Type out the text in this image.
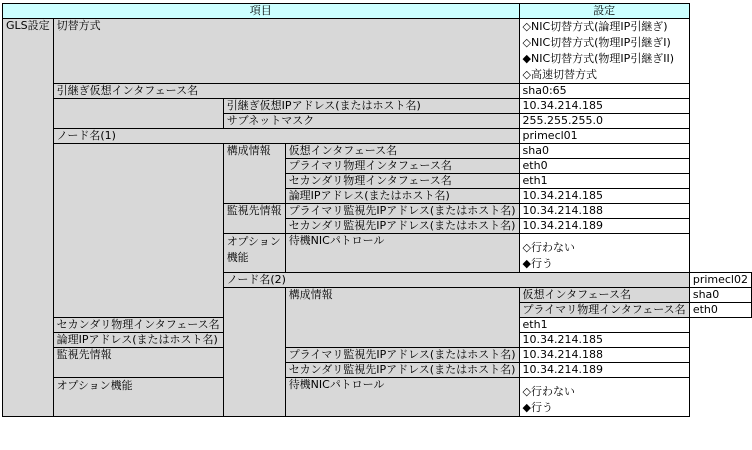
項目				設定	
GLS設定	切替方式			◇NIC切替方式(論理IP引継ぎ)
◇NIC切替方式(物理IP引継ぎI)
◆NIC切替方式(物理IP引継ぎII)
◇高速切替方式	

	引継ぎ仮想インタフェース名			sha0:65	
		引継ぎ仮想IPアドレス(またはホスト名)		10.34.214.185	
		サブネットマスク		255.255.255.0	
	ノード名(1)			primecl01	
		構成情報	仮想インタフェース名	sha0	
			プライマリ物理インタフェース名	eth0	
			セカンダリ物理インタフェース名	eth1	
			論理IPアドレス(またはホスト名)	10.34.214.185	
		監視先情報	プライマリ監視先IPアドレス(またはホスト名)	10.34.214.188	
			セカンダリ監視先IPアドレス(またはホスト名)	10.34.214.189	
		オプション機能	待機NICパトロール	◇行わない
◆行う	

		ノード名(2)			primecl02
			構成情報	仮想インタフェース名	sha0
				プライマリ物理インタフェース名	eth0
	セカンダリ物理インタフェース名			eth1	
	論理IPアドレス(またはホスト名)			10.34.214.185	
	監視先情報		プライマリ監視先IPアドレス(またはホスト名)	10.34.214.188	
			セカンダリ監視先IPアドレス(またはホスト名)	10.34.214.189	
	オプション機能		待機NICパトロール	◇行わない
◆行う	
